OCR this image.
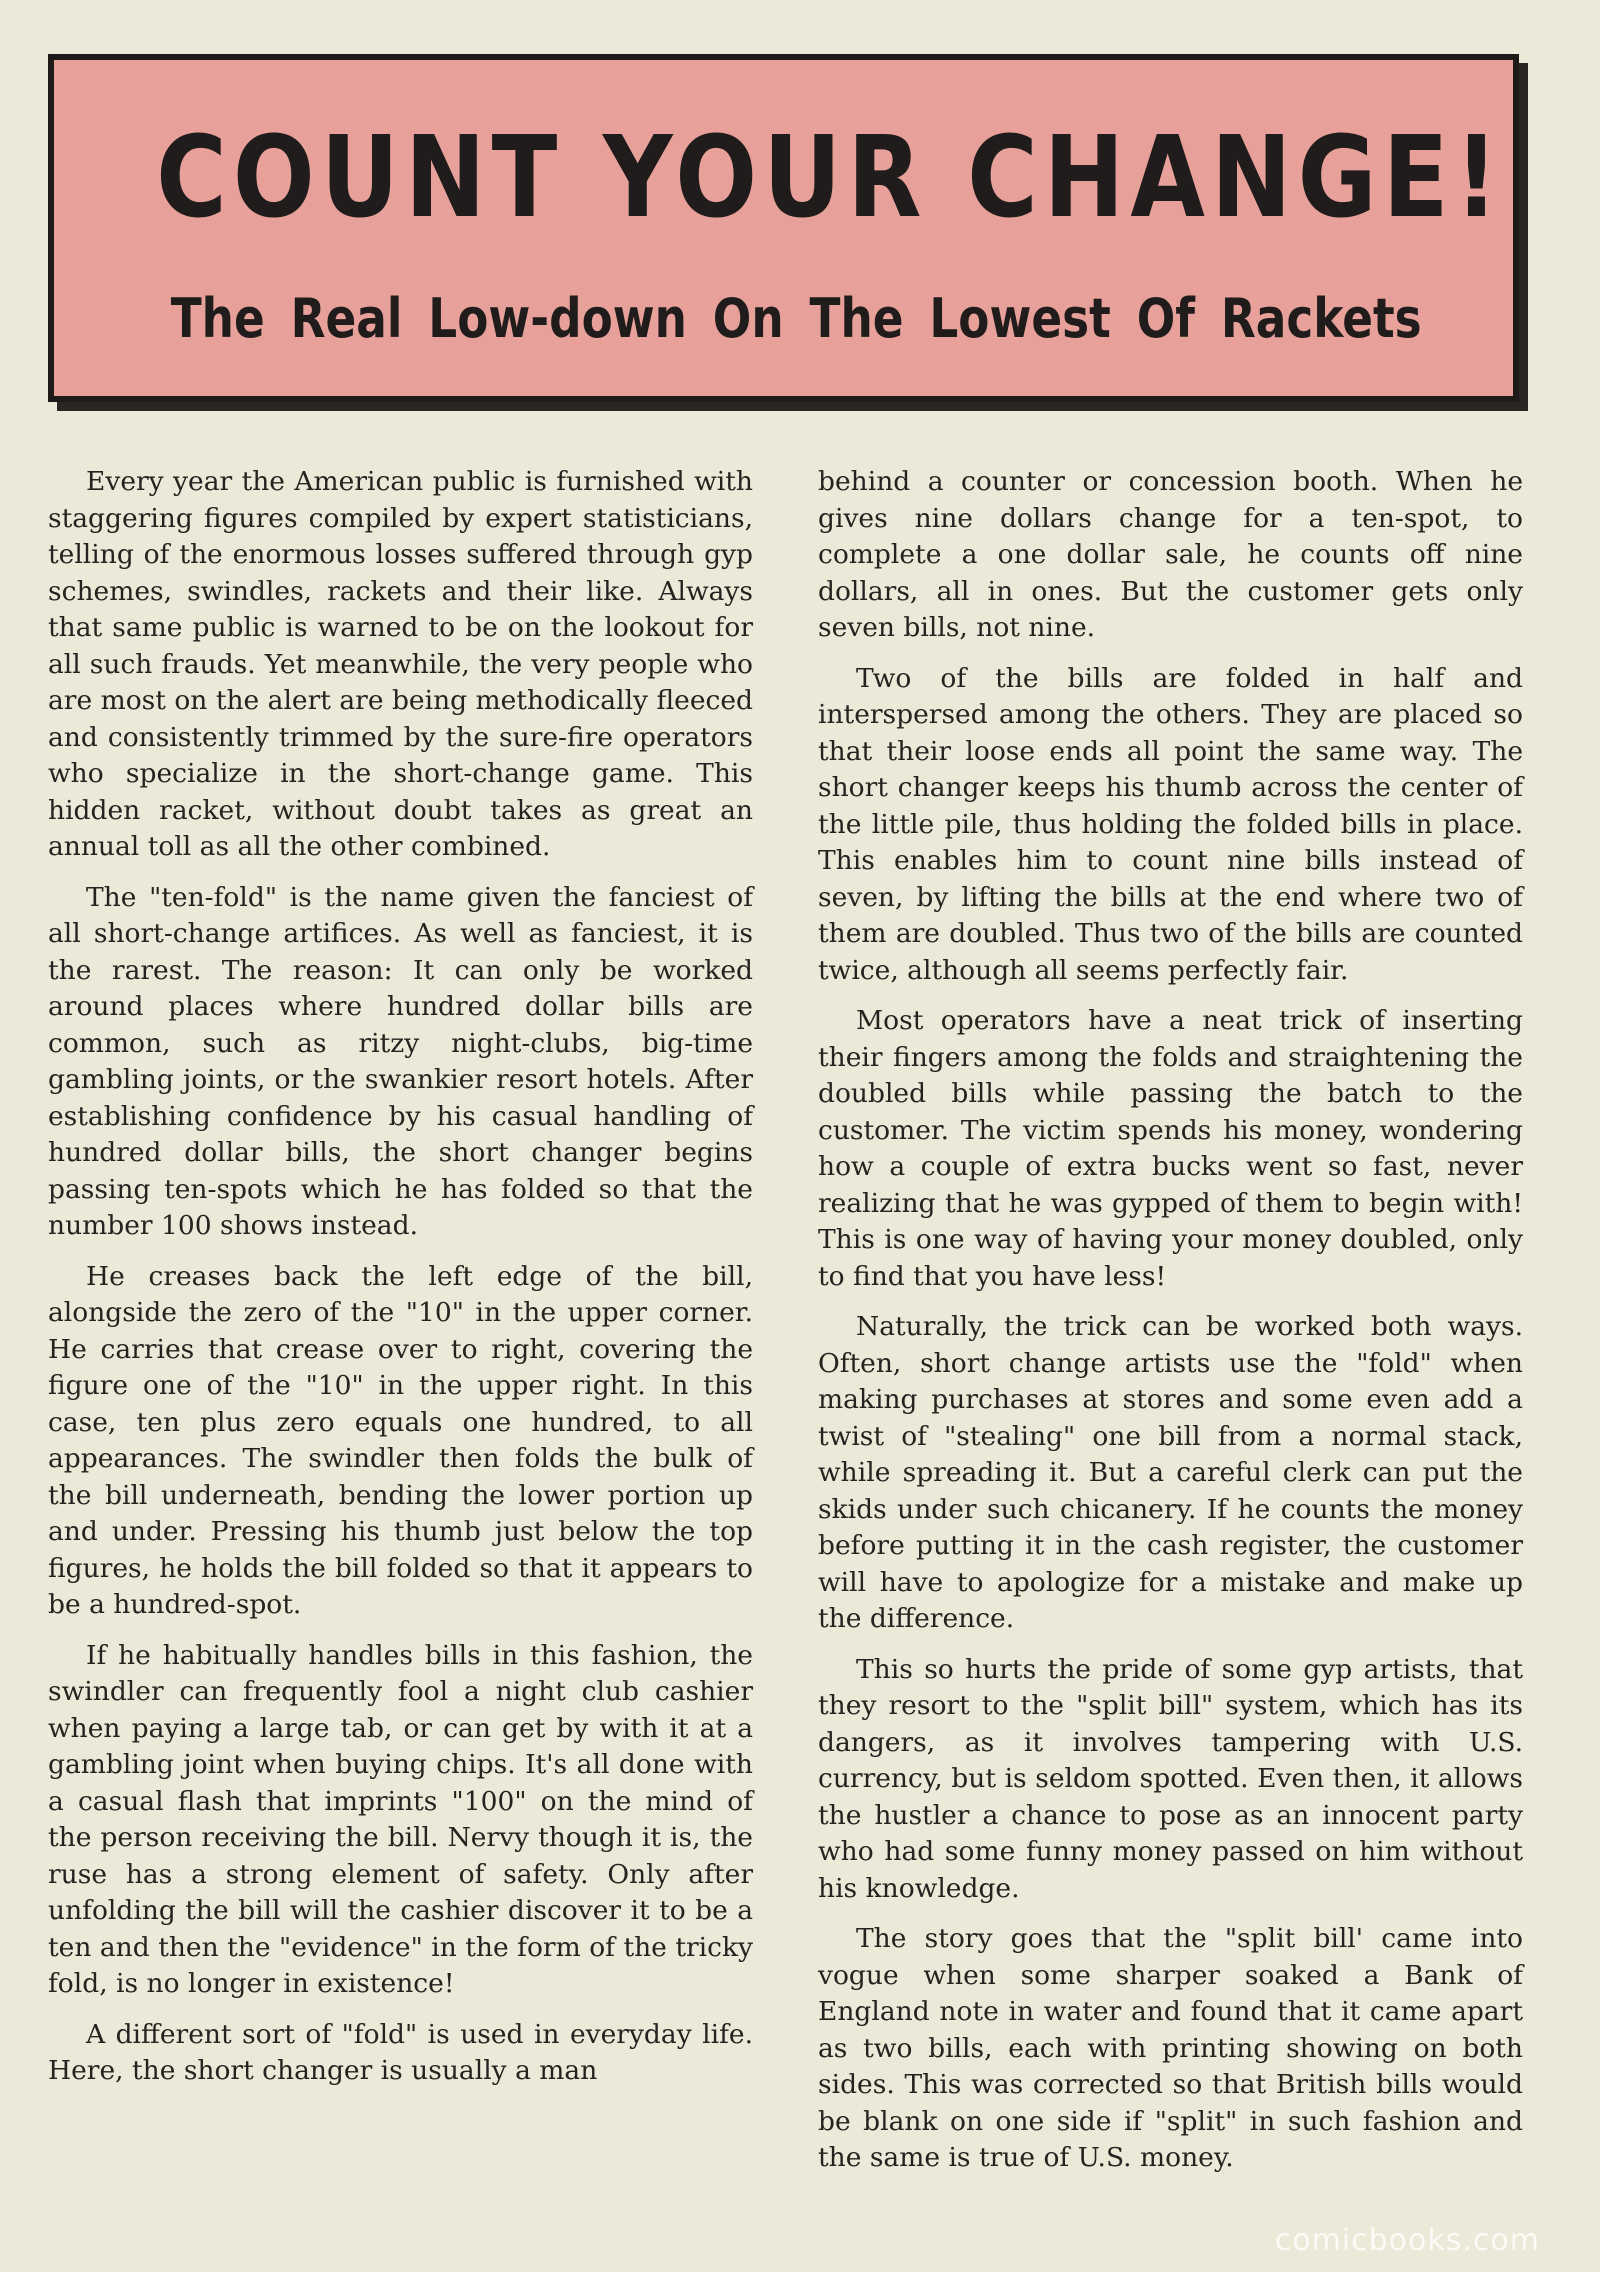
COUNT YOUR CHANGE!
The Real Low-down On The Lowest Of Rackets

Every year the American public is furnished with staggering figures compiled by expert statisticians, telling of the enormous losses suffered through gyp schemes, swindles, rackets and their like. Always that same public is warned to be on the lookout for all such frauds. Yet meanwhile, the very people who are most on the alert are being methodically fleeced and consistently trimmed by the sure-fire operators who specialize in the short-change game. This hidden racket, without doubt takes as great an annual toll as all the other combined.

The "ten-fold" is the name given the fanciest of all short-change artifices. As well as fanciest, it is the rarest. The reason: It can only be worked around places where hundred dollar bills are common, such as ritzy night-clubs, big-time gambling joints, or the swankier resort hotels. After establishing confidence by his casual handling of hundred dollar bills, the short changer begins passing ten-spots which he has folded so that the number 100 shows instead.

He creases back the left edge of the bill, alongside the zero of the "10" in the upper corner. He carries that crease over to right, covering the figure one of the "10" in the upper right. In this case, ten plus zero equals one hundred, to all appearances. The swindler then folds the bulk of the bill underneath, bending the lower portion up and under. Pressing his thumb just below the top figures, he holds the bill folded so that it appears to be a hundred-spot.

If he habitually handles bills in this fashion, the swindler can frequently fool a night club cashier when paying a large tab, or can get by with it at a gambling joint when buying chips. It's all done with a casual flash that imprints "100" on the mind of the person receiving the bill. Nervy though it is, the ruse has a strong element of safety. Only after unfolding the bill will the cashier discover it to be a ten and then the "evidence" in the form of the tricky fold, is no longer in existence!

A different sort of "fold" is used in everyday life. Here, the short changer is usually a man

behind a counter or concession booth. When he gives nine dollars change for a ten-spot, to complete a one dollar sale, he counts off nine dollars, all in ones. But the customer gets only seven bills, not nine.

Two of the bills are folded in half and interspersed among the others. They are placed so that their loose ends all point the same way. The short changer keeps his thumb across the center of the little pile, thus holding the folded bills in place. This enables him to count nine bills instead of seven, by lifting the bills at the end where two of them are doubled. Thus two of the bills are counted twice, although all seems perfectly fair.

Most operators have a neat trick of inserting their fingers among the folds and straightening the doubled bills while passing the batch to the customer. The victim spends his money, wondering how a couple of extra bucks went so fast, never realizing that he was gypped of them to begin with! This is one way of having your money doubled, only to find that you have less!

Naturally, the trick can be worked both ways. Often, short change artists use the "fold" when making purchases at stores and some even add a twist of "stealing" one bill from a normal stack, while spreading it. But a careful clerk can put the skids under such chicanery. If he counts the money before putting it in the cash register, the customer will have to apologize for a mistake and make up the difference.

This so hurts the pride of some gyp artists, that they resort to the "split bill" system, which has its dangers, as it involves tampering with U.S. currency, but is seldom spotted. Even then, it allows the hustler a chance to pose as an innocent party who had some funny money passed on him without his knowledge.

The story goes that the "split bill' came into vogue when some sharper soaked a Bank of England note in water and found that it came apart as two bills, each with printing showing on both sides. This was corrected so that British bills would be blank on one side if "split" in such fashion and the same is true of U.S. money.

comicbooks.com
